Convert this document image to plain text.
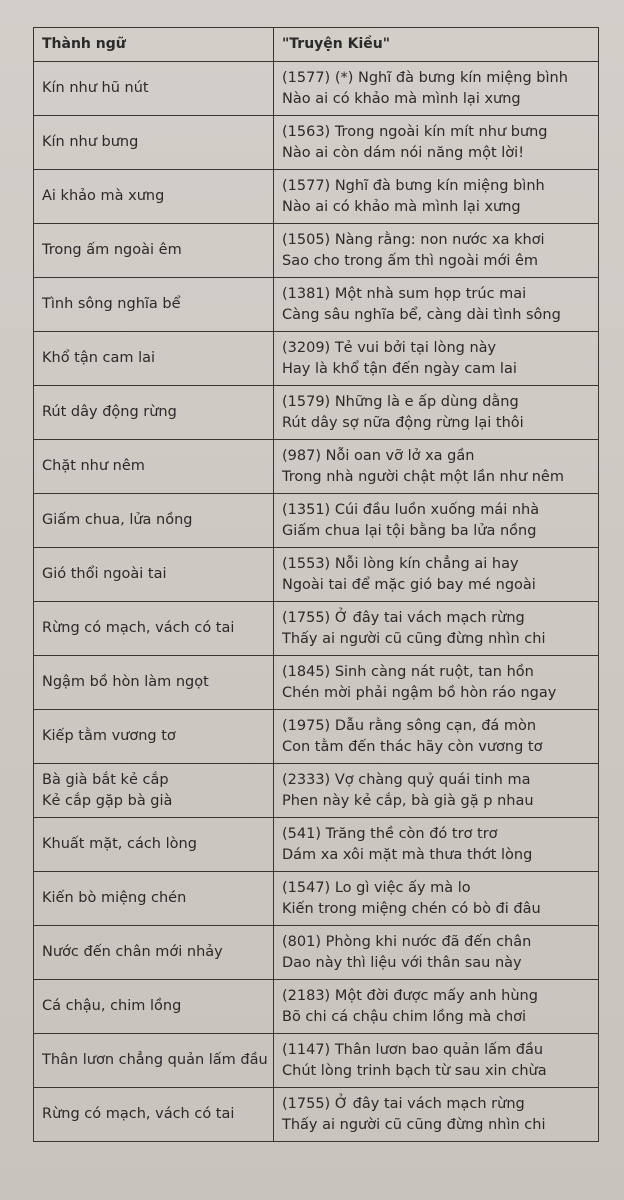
Thành ngữ	"Truyện Kiều"
Kín như hũ nút	(1577) (*) Nghĩ đà bưng kín miệng bình
Nào ai có khảo mà mình lại xưng

Kín như bưng	(1563) Trong ngoài kín mít như bưng
Nào ai còn dám nói năng một lời!

Ai khảo mà xưng	(1577) Nghĩ đà bưng kín miệng bình
Nào ai có khảo mà mình lại xưng

Trong ấm ngoài êm	(1505) Nàng rằng: non nước xa khơi
Sao cho trong ấm thì ngoài mới êm

Tình sông nghĩa bể	(1381) Một nhà sum họp trúc mai
Càng sâu nghĩa bể, càng dài tình sông

Khổ tận cam lai	(3209) Tẻ vui bởi tại lòng này
Hay là khổ tận đến ngày cam lai

Rút dây động rừng	(1579) Những là e ấp dùng dằng
Rút dây sợ nữa động rừng lại thôi

Chặt như nêm	(987) Nỗi oan vỡ lở xa gần
Trong nhà người chật một lần như nêm

Giấm chua, lửa nồng	(1351) Cúi đầu luồn xuống mái nhà
Giấm chua lại tội bằng ba lửa nồng

Gió thổi ngoài tai	(1553) Nỗi lòng kín chẳng ai hay
Ngoài tai để mặc gió bay mé ngoài

Rừng có mạch, vách có tai	(1755) Ở đây tai vách mạch rừng
Thấy ai người cũ cũng đừng nhìn chi

Ngậm bồ hòn làm ngọt	(1845) Sinh càng nát ruột, tan hồn
Chén mời phải ngậm bồ hòn ráo ngay

Kiếp tằm vương tơ	(1975) Dẫu rằng sông cạn, đá mòn
Con tằm đến thác hãy còn vương tơ

Bà già bắt kẻ cắp
Kẻ cắp gặp bà già	(2333) Vợ chàng quỷ quái tinh ma
Phen này kẻ cắp, bà già gặ p nhau

Khuất mặt, cách lòng	(541) Trăng thề còn đó trơ trơ
Dám xa xôi mặt mà thưa thớt lòng

Kiến bò miệng chén	(1547) Lo gì việc ấy mà lo
Kiến trong miệng chén có bò đi đâu

Nước đến chân mới nhảy	(801) Phòng khi nước đã đến chân
Dao này thì liệu với thân sau này

Cá chậu, chim lồng	(2183) Một đời được mấy anh hùng
Bõ chi cá chậu chim lồng mà chơi

Thân lươn chẳng quản lấm đầu	(1147) Thân lươn bao quản lấm đầu
Chút lòng trinh bạch từ sau xin chừa

Rừng có mạch, vách có tai	(1755) Ở đây tai vách mạch rừng
Thấy ai người cũ cũng đừng nhìn chi
